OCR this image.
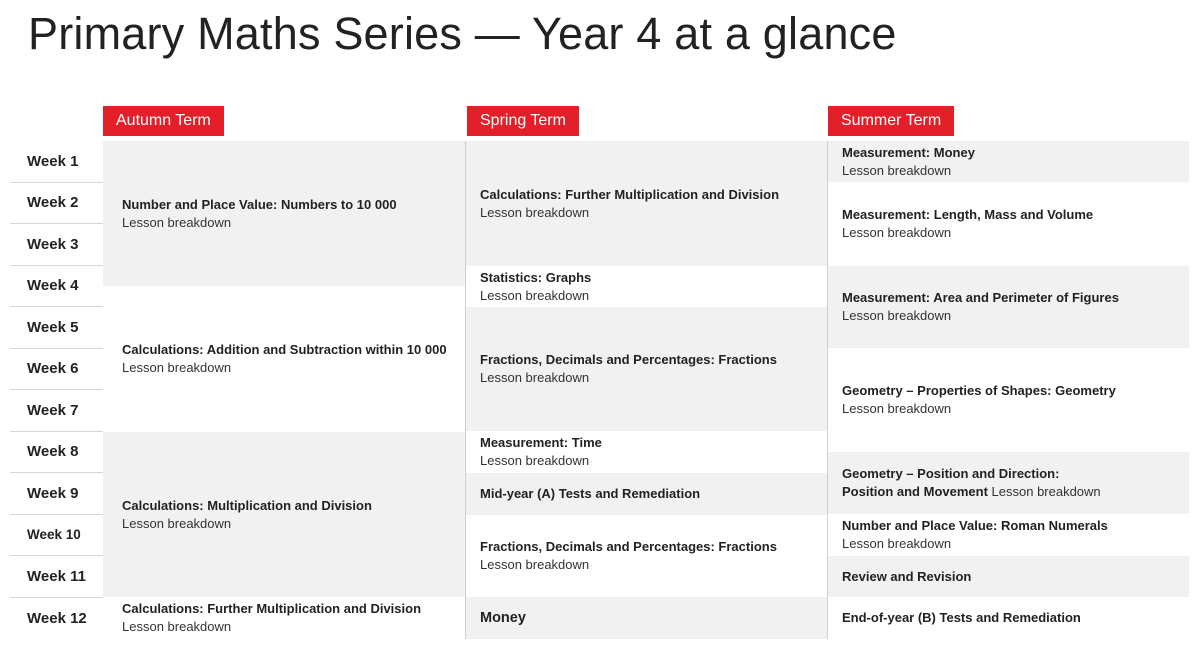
Primary Maths Series — Year 4 at a glance
Autumn Term	Spring Term	Summer Term
Week 1
Week 2
Week 3
Week 4
Week 5
Week 6
Week 7
Week 8
Week 9
Week 10
Week 11
Week 12
Number and Place Value: Numbers to 10 000
Lesson breakdown
Calculations: Addition and Subtraction within 10 000
Lesson breakdown
Calculations: Multiplication and Division
Lesson breakdown
Calculations: Further Multiplication and Division
Lesson breakdown
Calculations: Further Multiplication and Division
Lesson breakdown
Statistics: Graphs
Lesson breakdown
Fractions, Decimals and Percentages: Fractions
Lesson breakdown
Measurement: Time
Lesson breakdown
Mid-year (A) Tests and Remediation
Fractions, Decimals and Percentages: Fractions
Lesson breakdown
Money
Measurement: Money
Lesson breakdown
Measurement: Length, Mass and Volume
Lesson breakdown
Measurement: Area and Perimeter of Figures
Lesson breakdown
Geometry – Properties of Shapes: Geometry
Lesson breakdown
Geometry – Position and Direction:
Position and Movement Lesson breakdown
Number and Place Value: Roman Numerals
Lesson breakdown
Review and Revision
End-of-year (B) Tests and Remediation
